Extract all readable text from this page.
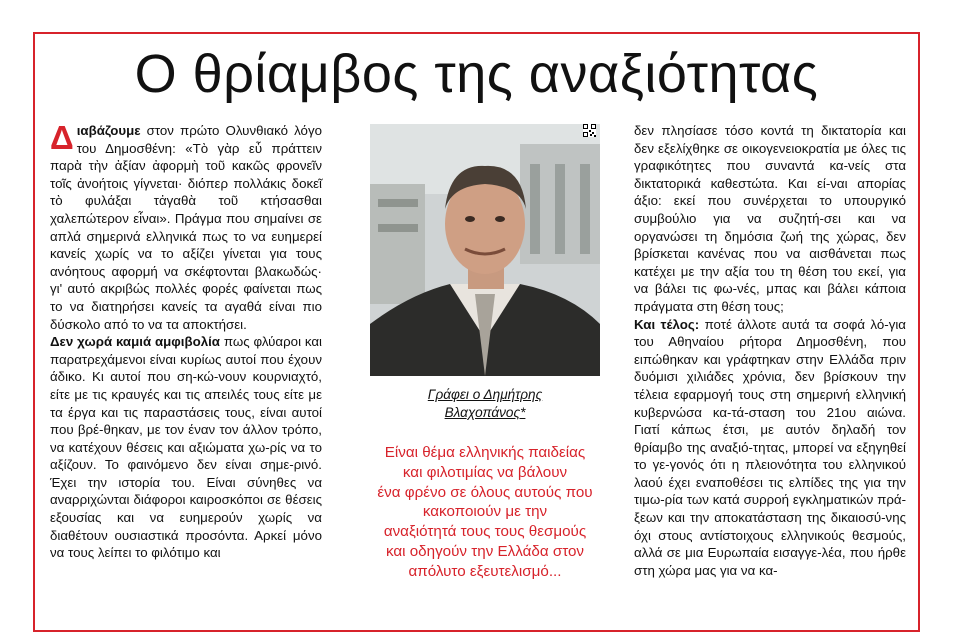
Ο θρίαμβος της αναξιότητας

Διαβάζουμε στον πρώτο Ολυνθιακό λόγο του Δημοσθένη: «Τὸ γὰρ εὖ πράττειν παρὰ τὴν ἀξίαν ἀφορμὴ τοῦ κακῶς φρονεῖν τοῖς ἀνοήτοις γίγνεται· διόπερ πολλάκις δοκεῖ τὸ φυλάξαι τἀγαθὰ τοῦ κτήσασθαι χαλεπώτερον εἶναι». Πράγμα που σημαίνει σε απλά σημερινά ελληνικά πως το να ευημερεί κανείς χωρίς να το αξίζει γίνεται για τους ανόητους αφορμή να σκέφτονται βλακωδώς· γι' αυτό ακριβώς πολλές φορές φαίνεται πως το να διατηρήσει κανείς τα αγαθά είναι πιο δύσκολο από το να τα αποκτήσει.

Δεν χωρά καμιά αμφιβολία πως φλύαροι και παρατρεχάμενοι είναι κυρίως αυτοί που έχουν άδικο. Κι αυτοί που ση-κώ-νουν κουρνιαχτό, είτε με τις κραυγές και τις απειλές τους είτε με τα έργα και τις παραστάσεις τους, είναι αυτοί που βρέ-θηκαν, με τον έναν τον άλλον τρόπο, να κατέχουν θέσεις και αξιώματα χω-ρίς να το αξίζουν. Το φαινόμενο δεν είναι σημε-ρινό. Έχει την ιστορία του. Είναι σύνηθες να αναρριχώνται διάφοροι καιροσκόποι σε θέσεις εξουσίας και να ευημερούν χωρίς να διαθέτουν ουσιαστικά προσόντα. Αρκεί μόνο να τους λείπει το φιλότιμο και

Γράφει ο Δημήτρης
Βλαχοπάνος*
Είναι θέμα ελληνικής παιδείας
και φιλοτιμίας να βάλουν
ένα φρένο σε όλους αυτούς που
κακοποιούν με την
αναξιότητά τους τους θεσμούς
και οδηγούν την Ελλάδα στον
απόλυτο εξευτελισμό...

δεν πλησίασε τόσο κοντά τη δικτατορία και δεν εξελίχθηκε σε οικογενειοκρατία με όλες τις γραφικότητες που συναντά κα-νείς στα δικτατορικά καθεστώτα. Και εί-ναι απορίας άξιο: εκεί που συνέρχεται το υπουργικό συμβούλιο για να συζητή-σει και να οργανώσει τη δημόσια ζωή της χώρας, δεν βρίσκεται κανένας που να αισθάνεται πως κατέχει με την αξία του τη θέση του εκεί, για να βάλει τις φω-νές, μπας και βάλει κάποια πράγματα στη θέση τους;

Και τέλος: ποτέ άλλοτε αυτά τα σοφά λό-για του Αθηναίου ρήτορα Δημοσθένη, που ειπώθηκαν και γράφτηκαν στην Ελλάδα πριν δυόμισι χιλιάδες χρόνια, δεν βρίσκουν την τέλεια εφαρμογή τους στη σημερινή ελληνική κυβερνώσα κα-τά-σταση του 21ου αιώνα. Γιατί κάπως έτσι, με αυτόν δηλαδή τον θρίαμβο της αναξιό-τητας, μπορεί να εξηγηθεί το γε-γονός ότι η πλειονότητα του ελληνικού λαού έχει εναποθέσει τις ελπίδες της για την τιμω-ρία των κατά συρροή εγκληματικών πρά-ξεων και την αποκατάσταση της δικαιοσύ-νης όχι στους αντίστοιχους ελληνικούς θεσμούς, αλλά σε μια Ευρωπαία εισαγγε-λέα, που ήρθε στη χώρα μας για να κα-
